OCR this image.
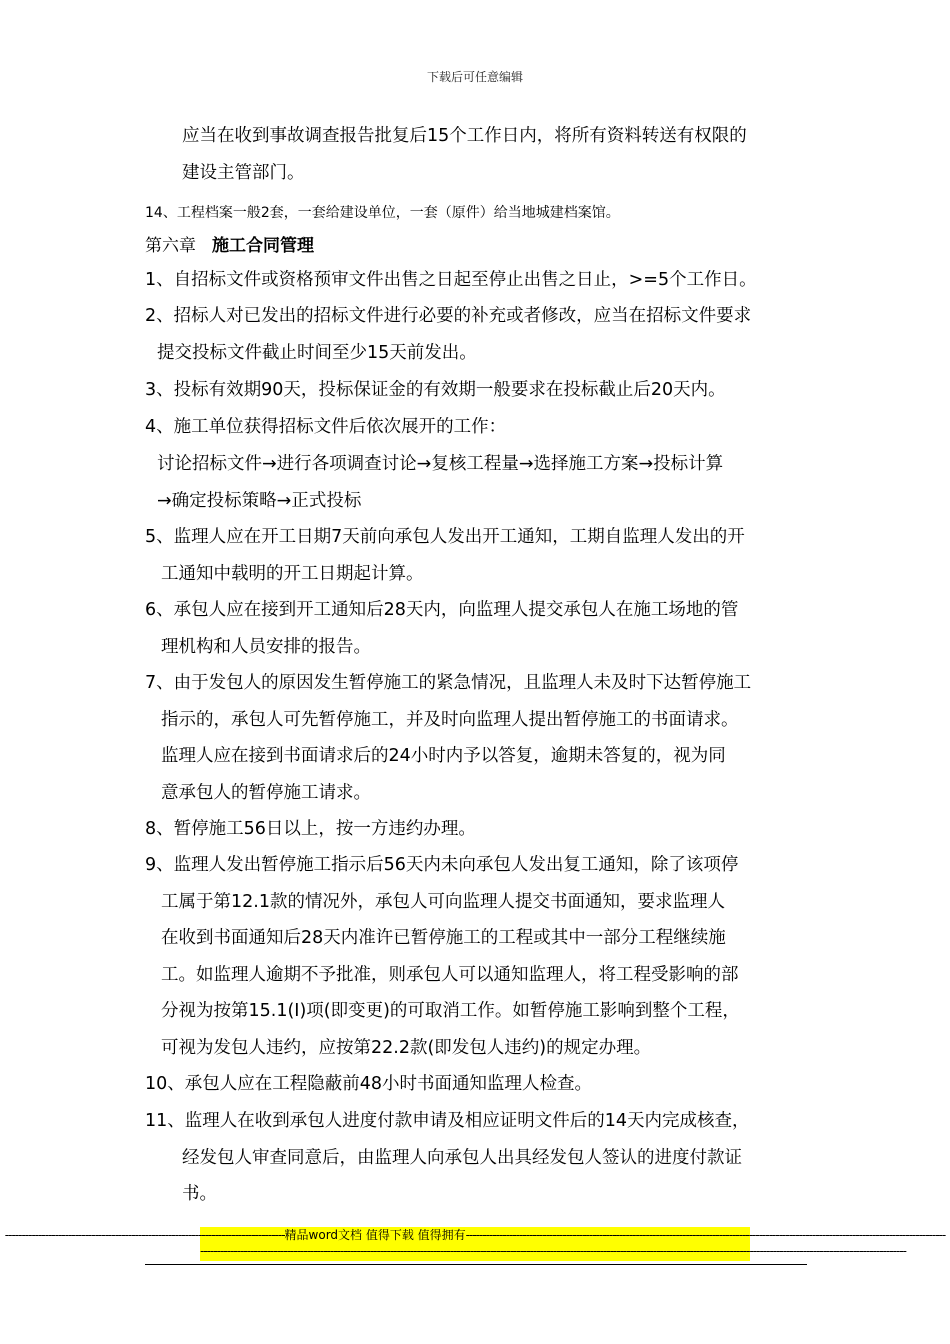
下载后可任意编辑
应当在收到事故调查报告批复后15个工作日内，将所有资料转送有权限的
建设主管部门。
14、工程档案一般2套，一套给建设单位，一套（原件）给当地城建档案馆。
第六章 施工合同管理
1、自招标文件或资格预审文件出售之日起至停止出售之日止，>=5个工作日。
2、招标人对已发出的招标文件进行必要的补充或者修改，应当在招标文件要求
提交投标文件截止时间至少15天前发出。
3、投标有效期90天，投标保证金的有效期一般要求在投标截止后20天内。
4、施工单位获得招标文件后依次展开的工作：
讨论招标文件→进行各项调查讨论→复核工程量→选择施工方案→投标计算
→确定投标策略→正式投标
5、监理人应在开工日期7天前向承包人发出开工通知，工期自监理人发出的开
工通知中载明的开工日期起计算。
6、承包人应在接到开工通知后28天内，向监理人提交承包人在施工场地的管
理机构和人员安排的报告。
7、由于发包人的原因发生暂停施工的紧急情况，且监理人未及时下达暂停施工
指示的，承包人可先暂停施工，并及时向监理人提出暂停施工的书面请求。
监理人应在接到书面请求后的24小时内予以答复，逾期未答复的，视为同
意承包人的暂停施工请求。
8、暂停施工56日以上，按一方违约办理。
9、监理人发出暂停施工指示后56天内未向承包人发出复工通知，除了该项停
工属于第12.1款的情况外，承包人可向监理人提交书面通知，要求监理人
在收到书面通知后28天内准许已暂停施工的工程或其中一部分工程继续施
工。如监理人逾期不予批准，则承包人可以通知监理人，将工程受影响的部
分视为按第15.1(I)项(即变更)的可取消工作。如暂停施工影响到整个工程，
可视为发包人违约，应按第22.2款(即发包人违约)的规定办理。
10、承包人应在工程隐蔽前48小时书面通知监理人检查。
11、监理人在收到承包人进度付款申请及相应证明文件后的14天内完成核查，
经发包人审查同意后，由监理人向承包人出具经发包人签认的进度付款证
书。
------------------------------------------------------------------------------------ 精品word文档 值得下载 值得拥有 ------------------------------------------------------------------------------------------------------------------------------------------------
--------------------------------------------------------------------------------------------------------------------------------------------------------------------------------------------------------------------
